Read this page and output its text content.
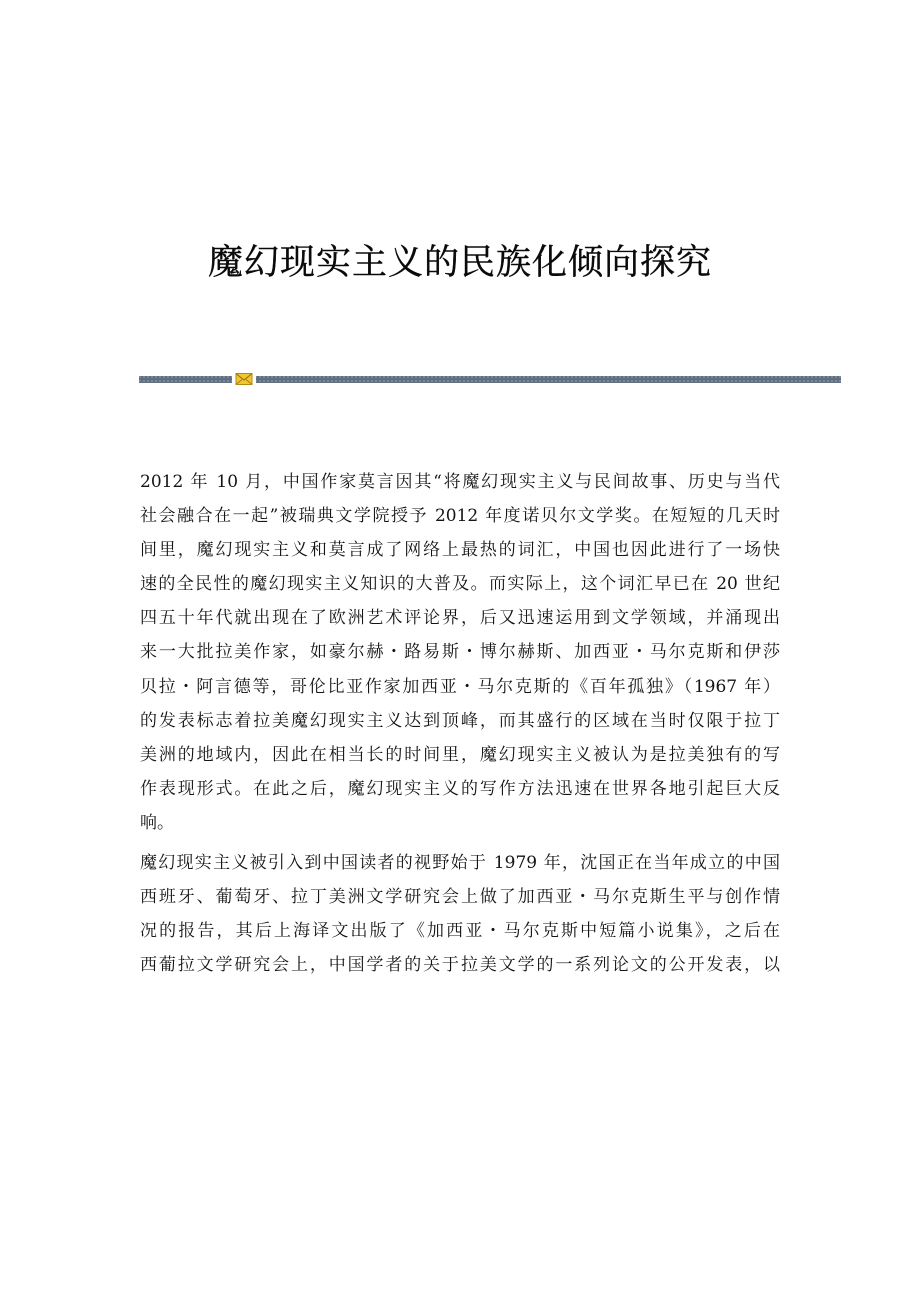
魔幻现实主义的民族化倾向探究
2012 年 10 月，中国作家莫言因其“将魔幻现实主义与民间故事、历史与当代
社会融合在一起”被瑞典文学院授予 2012 年度诺贝尔文学奖。在短短的几天时
间里，魔幻现实主义和莫言成了网络上最热的词汇，中国也因此进行了一场快
速的全民性的魔幻现实主义知识的大普及。而实际上，这个词汇早已在 20 世纪
四五十年代就出现在了欧洲艺术评论界，后又迅速运用到文学领域，并涌现出
来一大批拉美作家，如豪尔赫・路易斯・博尔赫斯、加西亚・马尔克斯和伊莎
贝拉・阿言德等，哥伦比亚作家加西亚・马尔克斯的《百年孤独》（1967 年）
的发表标志着拉美魔幻现实主义达到顶峰，而其盛行的区域在当时仅限于拉丁
美洲的地域内，因此在相当长的时间里，魔幻现实主义被认为是拉美独有的写
作表现形式。在此之后，魔幻现实主义的写作方法迅速在世界各地引起巨大反
响。
魔幻现实主义被引入到中国读者的视野始于 1979 年，沈国正在当年成立的中国
西班牙、葡萄牙、拉丁美洲文学研究会上做了加西亚・马尔克斯生平与创作情
况的报告，其后上海译文出版了《加西亚・马尔克斯中短篇小说集》，之后在
西葡拉文学研究会上，中国学者的关于拉美文学的一系列论文的公开发表，以
